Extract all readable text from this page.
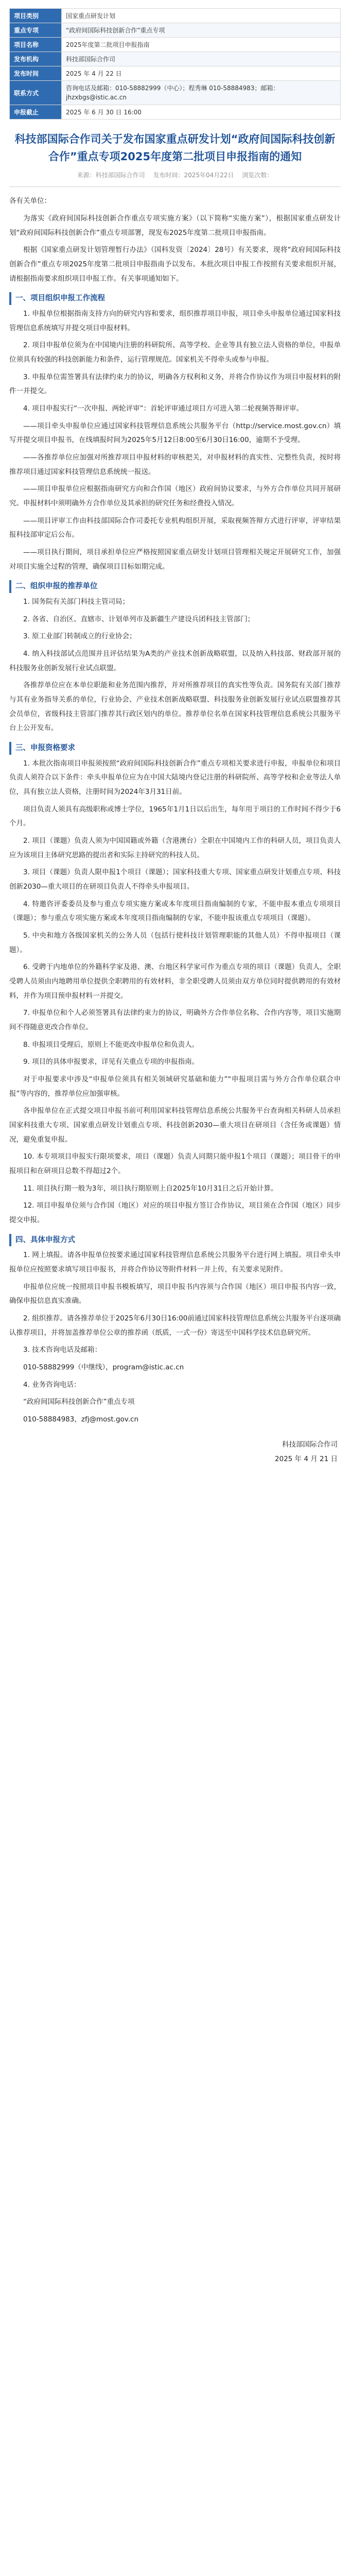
项目类别	国家重点研发计划
重点专项	“政府间国际科技创新合作”重点专项
项目名称	2025年度第二批项目申报指南
发布机构	科技部国际合作司
发布时间	2025 年 4 月 22 日
联系方式	咨询电话及邮箱：010-58882999（中心）；程秀琳 010-58884983；邮箱：jhzxbgs@istic.ac.cn
申报截止	2025 年 6 月 30 日 16:00
科技部国际合作司关于发布国家重点研发计划“政府间国际科技创新合作”重点专项2025年度第二批项目申报指南的通知
来源：科技部国际合作司 发布时间：2025年04月22日 浏览次数：

各有关单位：

为落实《政府间国际科技创新合作重点专项实施方案》（以下简称“实施方案”），根据国家重点研发计划“政府间国际科技创新合作”重点专项部署，现发布2025年度第二批项目申报指南。

根据《国家重点研发计划管理暂行办法》（国科发资〔2024〕28号）有关要求，现将“政府间国际科技创新合作”重点专项2025年度第二批项目申报指南予以发布。本批次项目申报工作按照有关要求组织开展，请根据指南要求组织项目申报工作。有关事项通知如下。

一、项目组织申报工作流程

1. 申报单位根据指南支持方向的研究内容和要求，组织推荐项目申报，项目牵头申报单位通过国家科技管理信息系统填写并提交项目申报材料。

2. 项目申报单位须为在中国境内注册的科研院所、高等学校、企业等具有独立法人资格的单位，申报单位须具有较强的科技创新能力和条件，运行管理规范。国家机关不得牵头或参与申报。

3. 申报单位需签署具有法律约束力的协议，明确各方权利和义务，并将合作协议作为项目申报材料的附件一并提交。

4. 项目申报实行“一次申报、两轮评审”：首轮评审通过项目方可进入第二轮视频答辩评审。

——项目牵头申报单位应通过国家科技管理信息系统公共服务平台（http://service.most.gov.cn）填写并提交项目申报书，在线填报时间为2025年5月12日8:00至6月30日16:00，逾期不予受理。

——各推荐单位应加强对所推荐项目申报材料的审核把关，对申报材料的真实性、完整性负责，按时将推荐项目通过国家科技管理信息系统统一报送。

——项目申报单位应根据指南研究方向和合作国（地区）政府间协议要求，与外方合作单位共同开展研究。申报材料中须明确外方合作单位及其承担的研究任务和经费投入情况。

——项目评审工作由科技部国际合作司委托专业机构组织开展，采取视频答辩方式进行评审，评审结果报科技部审定后公布。

——项目执行期间，项目承担单位应严格按照国家重点研发计划项目管理相关规定开展研究工作，加强对项目实施全过程的管理，确保项目目标如期完成。

二、组织申报的推荐单位

1. 国务院有关部门科技主管司局；

2. 各省、自治区、直辖市、计划单列市及新疆生产建设兵团科技主管部门；

3. 原工业部门转制成立的行业协会；

4. 纳入科技部试点范围并且评估结果为A类的产业技术创新战略联盟，以及纳入科技部、财政部开展的科技服务业创新发展行业试点联盟。

各推荐单位应在本单位职能和业务范围内推荐，并对所推荐项目的真实性等负责。国务院有关部门推荐与其有业务指导关系的单位，行业协会、产业技术创新战略联盟、科技服务业创新发展行业试点联盟推荐其会员单位，省级科技主管部门推荐其行政区划内的单位。推荐单位名单在国家科技管理信息系统公共服务平台上公开发布。

三、申报资格要求

1. 本批次指南项目申报须按照“政府间国际科技创新合作”重点专项相关要求进行申报，申报单位和项目负责人须符合以下条件：牵头申报单位应为在中国大陆境内登记注册的科研院所、高等学校和企业等法人单位，具有独立法人资格，注册时间为2024年3月31日前。

项目负责人须具有高级职称或博士学位，1965年1月1日以后出生，每年用于项目的工作时间不得少于6个月。

2. 项目（课题）负责人须为中国国籍或外籍（含港澳台）全职在中国境内工作的科研人员，项目负责人应为该项目主体研究思路的提出者和实际主持研究的科技人员。

3. 项目（课题）负责人限申报1个项目（课题）；国家科技重大专项、国家重点研发计划重点专项、科技创新2030—重大项目的在研项目负责人不得牵头申报项目。

4. 特邀咨评委委员及参与重点专项实施方案或本年度项目指南编制的专家，不能申报本重点专项项目（课题）；参与重点专项实施方案或本年度项目指南编制的专家，不能申报该重点专项项目（课题）。

5. 中央和地方各级国家机关的公务人员（包括行使科技计划管理职能的其他人员）不得申报项目（课题）。

6. 受聘于内地单位的外籍科学家及港、澳、台地区科学家可作为重点专项的项目（课题）负责人，全职受聘人员须由内地聘用单位提供全职聘用的有效材料，非全职受聘人员须由双方单位同时提供聘用的有效材料，并作为项目预申报材料一并提交。

7. 申报单位和个人必须签署具有法律约束力的协议，明确外方合作单位名称、合作内容等，项目实施期间不得随意更改合作单位。

8. 申报项目受理后，原则上不能更改申报单位和负责人。

9. 项目的具体申报要求，详见有关重点专项的申报指南。

对于申报要求中涉及“申报单位须具有相关领域研究基础和能力”“申报项目需与外方合作单位联合申报”等内容的，推荐单位应加强审核。

各申报单位在正式提交项目申报书前可利用国家科技管理信息系统公共服务平台查询相关科研人员承担国家科技重大专项、国家重点研发计划重点专项、科技创新2030—重大项目在研项目（含任务或课题）情况，避免重复申报。

10. 本专项项目申报实行限项要求，项目（课题）负责人同期只能申报1个项目（课题）；项目骨干的申报项目和在研项目总数不得超过2个。

11. 项目执行期一般为3年，项目执行期原则上自2025年10月31日之后开始计算。

12. 项目申报单位须与合作国（地区）对应的项目申报方签订合作协议，项目须在合作国（地区）同步提交申报。

四、具体申报方式

1. 网上填报。请各申报单位按要求通过国家科技管理信息系统公共服务平台进行网上填报。项目牵头申报单位应按照要求填写项目申报书，并将合作协议等附件材料一并上传，有关要求见附件。

申报单位应统一按照项目申报书模板填写，项目申报书内容须与合作国（地区）项目申报书内容一致，确保申报信息真实准确。

2. 组织推荐。请各推荐单位于2025年6月30日16:00前通过国家科技管理信息系统公共服务平台逐项确认推荐项目，并将加盖推荐单位公章的推荐函（纸质，一式一份）寄送至中国科学技术信息研究所。

3. 技术咨询电话及邮箱：

010-58882999（中继线），program@istic.ac.cn

4. 业务咨询电话：

“政府间国际科技创新合作”重点专项

010-58884983，zfj@most.gov.cn

科技部国际合作司
2025 年 4 月 21 日
